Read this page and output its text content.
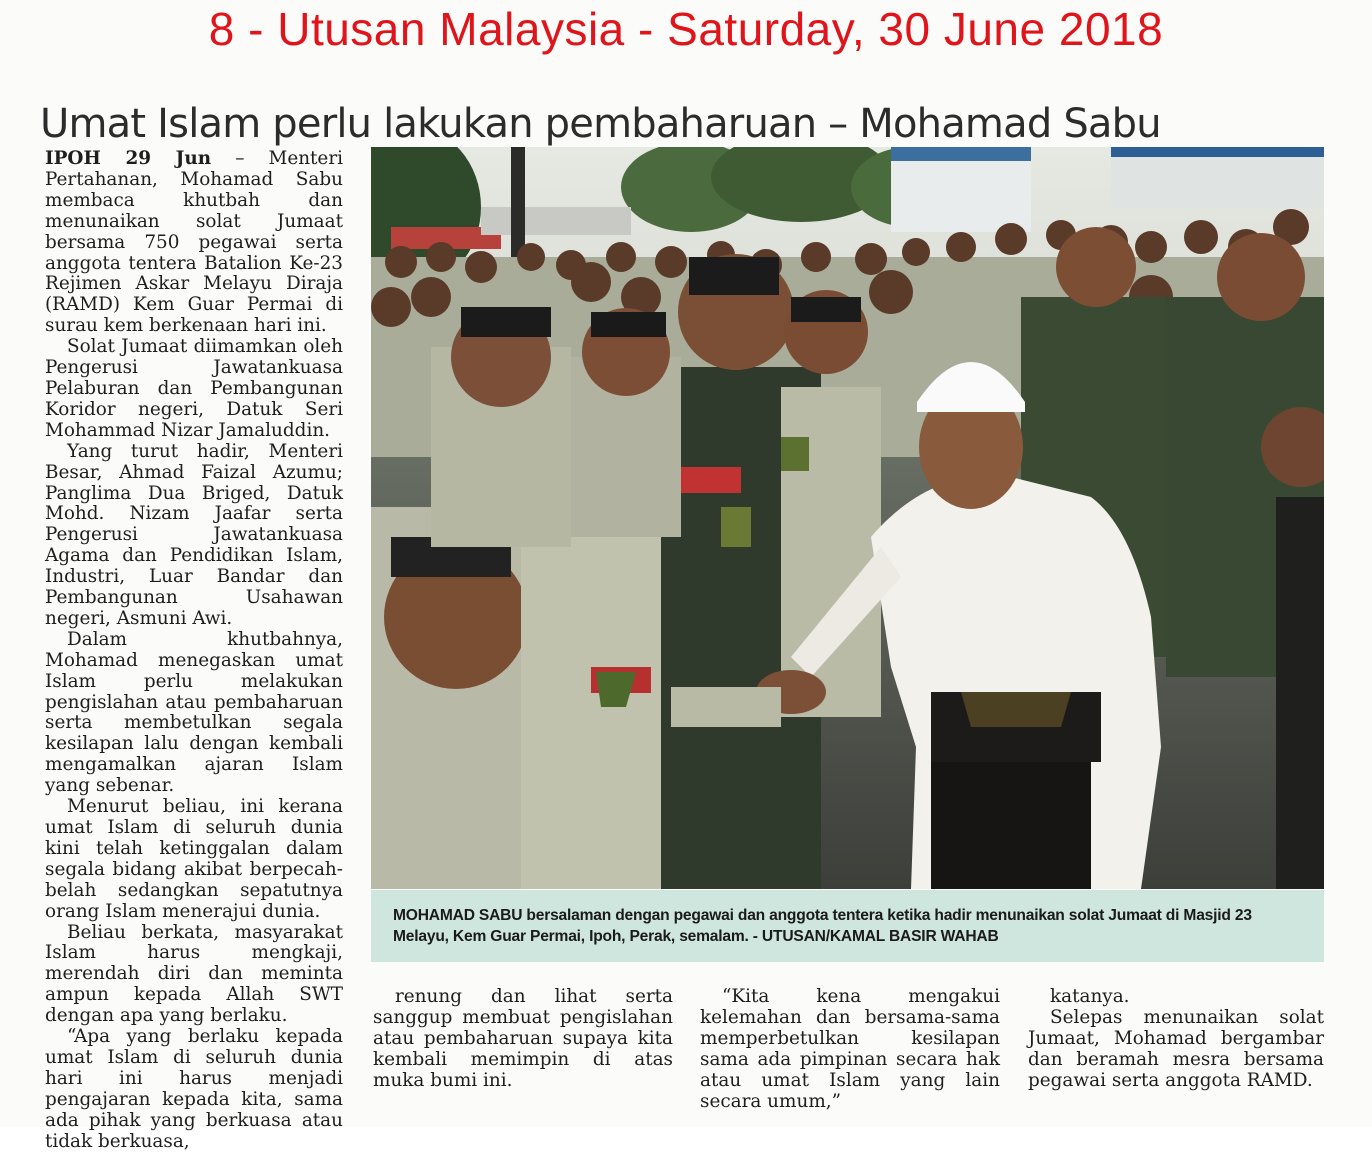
8 - Utusan Malaysia - Saturday, 30 June 2018
Umat Islam perlu lakukan pembaharuan – Mohamad Sabu

IPOH 29 Jun – Menteri Pertahanan, Mohamad Sabu membaca khutbah dan menunaikan solat Jumaat bersama 750 pegawai serta anggota tentera Batalion Ke-23 Rejimen Askar Melayu Diraja (RAMD) Kem Guar Permai di surau kem berkenaan hari ini.

Solat Jumaat diimamkan oleh Pengerusi Jawatankuasa Pelaburan dan Pembangunan Koridor negeri, Datuk Seri Mohammad Nizar Jamaluddin.

Yang turut hadir, Menteri Besar, Ahmad Faizal Azumu; Panglima Dua Briged, Datuk Mohd. Nizam Jaafar serta Pengerusi Jawatankuasa Agama dan Pendidikan Islam, Industri, Luar Bandar dan Pembangunan Usahawan negeri, Asmuni Awi.

Dalam khutbahnya, Mohamad menegaskan umat Islam perlu melakukan pengislahan atau pembaharuan serta membetulkan segala kesilapan lalu dengan kembali mengamalkan ajaran Islam yang sebenar.

Menurut beliau, ini kerana umat Islam di seluruh dunia kini telah ketinggalan dalam segala bidang akibat berpecah-belah sedangkan sepatutnya orang Islam menerajui dunia.

Beliau berkata, masyarakat Islam harus mengkaji, merendah diri dan meminta ampun kepada Allah SWT dengan apa yang berlaku.

“Apa yang berlaku kepada umat Islam di seluruh dunia hari ini harus menjadi pengajaran kepada kita, sama ada pihak yang berkuasa atau tidak berkuasa,

MOHAMAD SABU bersalaman dengan pegawai dan anggota tentera ketika hadir menunaikan solat Jumaat di Masjid 23 Melayu, Kem Guar Permai, Ipoh, Perak, semalam. - UTUSAN/KAMAL BASIR WAHAB

renung dan lihat serta sanggup membuat pengislahan atau pembaharuan supaya kita kembali memimpin di atas muka bumi ini.

“Kita kena mengakui kelemahan dan bersama-sama memperbetulkan kesilapan sama ada pimpinan secara hak atau umat Islam yang lain secara umum,”

katanya.

Selepas menunaikan solat Jumaat, Mohamad bergambar dan beramah mesra bersama pegawai serta anggota RAMD.
